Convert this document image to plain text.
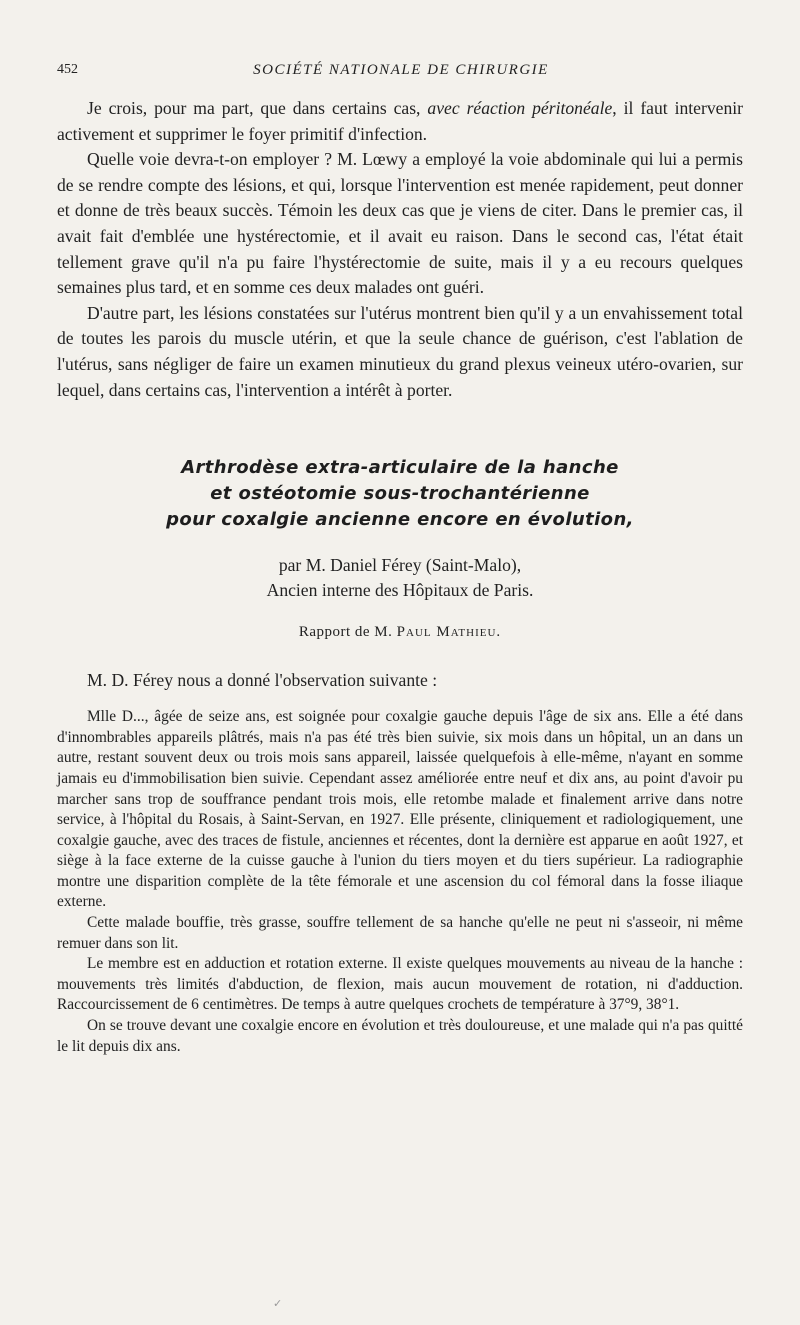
452	SOCIÉTÉ NATIONALE DE CHIRURGIE

Je crois, pour ma part, que dans certains cas, avec réaction péritonéale, il faut intervenir activement et supprimer le foyer primitif d'infection.

Quelle voie devra-t-on employer ? M. Lœwy a employé la voie abdominale qui lui a permis de se rendre compte des lésions, et qui, lorsque l'intervention est menée rapidement, peut donner et donne de très beaux succès. Témoin les deux cas que je viens de citer. Dans le premier cas, il avait fait d'emblée une hystérectomie, et il avait eu raison. Dans le second cas, l'état était tellement grave qu'il n'a pu faire l'hystérectomie de suite, mais il y a eu recours quelques semaines plus tard, et en somme ces deux malades ont guéri.

D'autre part, les lésions constatées sur l'utérus montrent bien qu'il y a un envahissement total de toutes les parois du muscle utérin, et que la seule chance de guérison, c'est l'ablation de l'utérus, sans négliger de faire un examen minutieux du grand plexus veineux utéro-ovarien, sur lequel, dans certains cas, l'intervention a intérêt à porter.

Arthrodèse extra-articulaire de la hanche
et ostéotomie sous-trochantérienne
pour coxalgie ancienne encore en évolution,
par M. Daniel Férey (Saint-Malo),
Ancien interne des Hôpitaux de Paris.
Rapport de M. Paul Mathieu.

M. D. Férey nous a donné l'observation suivante :

Mlle D..., âgée de seize ans, est soignée pour coxalgie gauche depuis l'âge de six ans. Elle a été dans d'innombrables appareils plâtrés, mais n'a pas été très bien suivie, six mois dans un hôpital, un an dans un autre, restant souvent deux ou trois mois sans appareil, laissée quelquefois à elle-même, n'ayant en somme jamais eu d'immobilisation bien suivie. Cependant assez améliorée entre neuf et dix ans, au point d'avoir pu marcher sans trop de souffrance pendant trois mois, elle retombe malade et finalement arrive dans notre service, à l'hôpital du Rosais, à Saint-Servan, en 1927. Elle présente, cliniquement et radiologiquement, une coxalgie gauche, avec des traces de fistule, anciennes et récentes, dont la dernière est apparue en août 1927, et siège à la face externe de la cuisse gauche à l'union du tiers moyen et du tiers supérieur. La radiographie montre une disparition complète de la tête fémorale et une ascension du col fémoral dans la fosse iliaque externe.

Cette malade bouffie, très grasse, souffre tellement de sa hanche qu'elle ne peut ni s'asseoir, ni même remuer dans son lit.

Le membre est en adduction et rotation externe. Il existe quelques mouvements au niveau de la hanche : mouvements très limités d'abduction, de flexion, mais aucun mouvement de rotation, ni d'adduction. Raccourcissement de 6 centimètres. De temps à autre quelques crochets de température à 37°9, 38°1.

On se trouve devant une coxalgie encore en évolution et très douloureuse, et une malade qui n'a pas quitté le lit depuis dix ans.

✓
